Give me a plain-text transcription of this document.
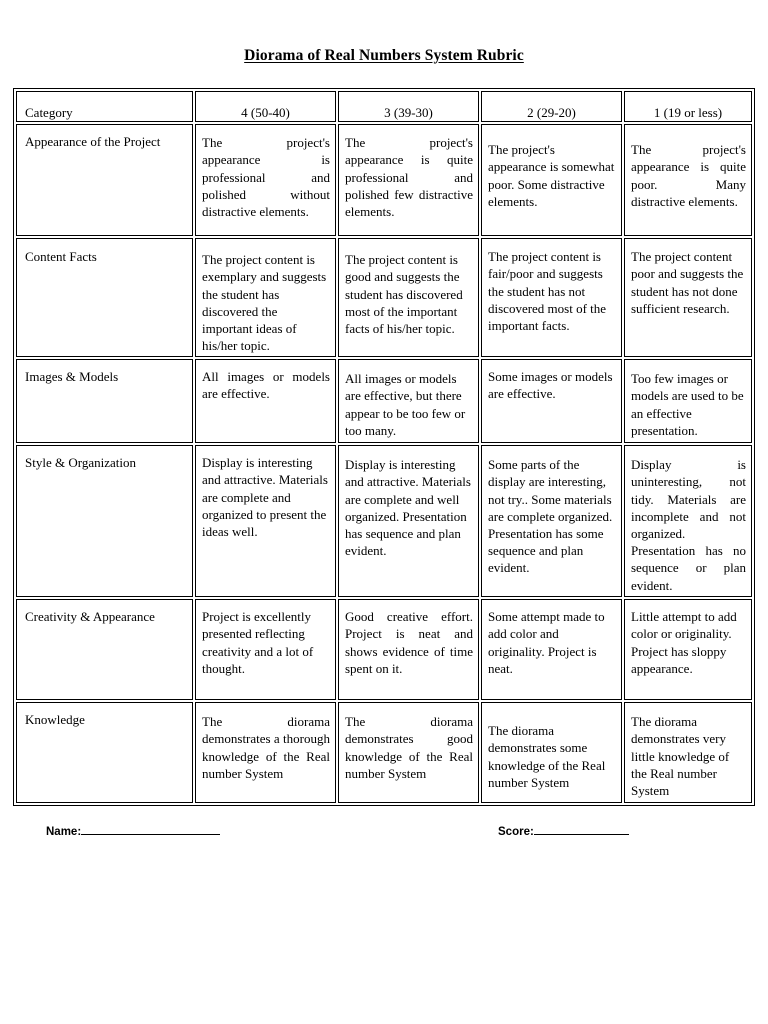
Diorama of Real Numbers System Rubric
Category	4 (50-40)	3 (39-30)	2 (29-20)	1 (19 or less)

Appearance of the Project	The project's appearance is professional and polished without distractive elements.	The project's appearance is quite professional and polished few distractive elements.	The project's appearance is somewhat poor. Some distractive elements.	The project's appearance is quite poor. Many distractive elements.

Content Facts	The project content is exemplary and suggests the student has discovered the important ideas of his/her topic.	The project content is good and suggests the student has discovered most of the important facts of his/her topic.	The project content is fair/poor and suggests the student has not discovered most of the important facts.	The project content poor and suggests the student has not done sufficient research.

Images & Models	All images or models are effective.	All images or models are effective, but there appear to be too few or too many.	Some images or models are effective.	Too few images or models are used to be an effective presentation.

Style & Organization	Display is interesting and attractive. Materials are complete and organized to present the ideas well.	Display is interesting and attractive. Materials are complete and well organized. Presentation has sequence and plan evident.	Some parts of the display are interesting, not try.. Some materials are complete organized. Presentation has some sequence and plan evident.	Display is uninteresting, not tidy. Materials are incomplete and not organized. Presentation has no sequence or plan evident.

Creativity & Appearance	Project is excellently presented reflecting creativity and a lot of thought.	Good creative effort. Project is neat and shows evidence of time spent on it.	Some attempt made to add color and originality. Project is neat.	Little attempt to add color or originality. Project has sloppy appearance.

Knowledge	The diorama demonstrates a thorough knowledge of the Real number System	The diorama demonstrates good knowledge of the Real number System	The diorama demonstrates some knowledge of the Real number System	The diorama demonstrates very little knowledge of the Real number System
Name:	Score:
